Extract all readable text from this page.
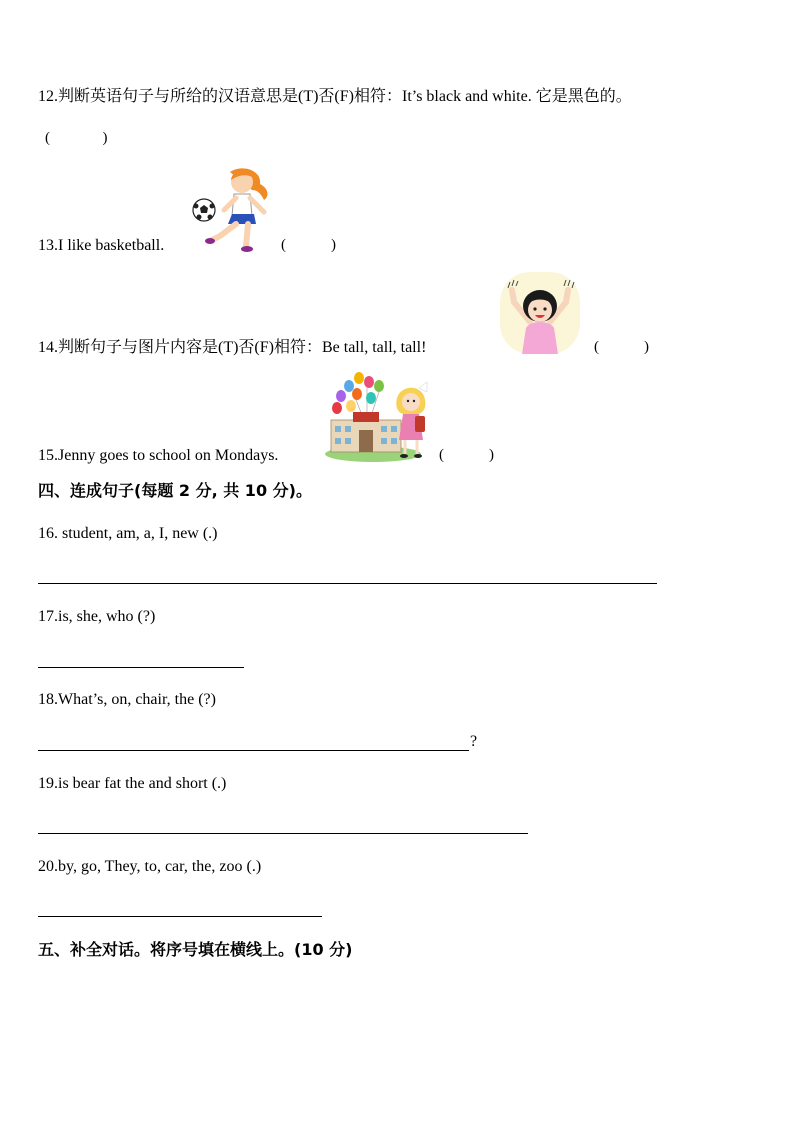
12.判断英语句子与所给的汉语意思是(T)否(F)相符：It’s black and white. 它是黑色的。
(              )
13.I like basketball.	(            )
14.判断句子与图片内容是(T)否(F)相符：Be tall, tall, tall!	(            )
15.Jenny goes to school on Mondays.	(            )
四、连成句子(每题 2 分, 共 10 分)。
16. student, am, a, I, new (.)
17.is, she, who (?)
18.What’s, on, chair, the (?)
?
19.is bear fat the and short (.)
20.by, go, They, to, car, the, zoo (.)
五、补全对话。将序号填在横线上。(10 分)
